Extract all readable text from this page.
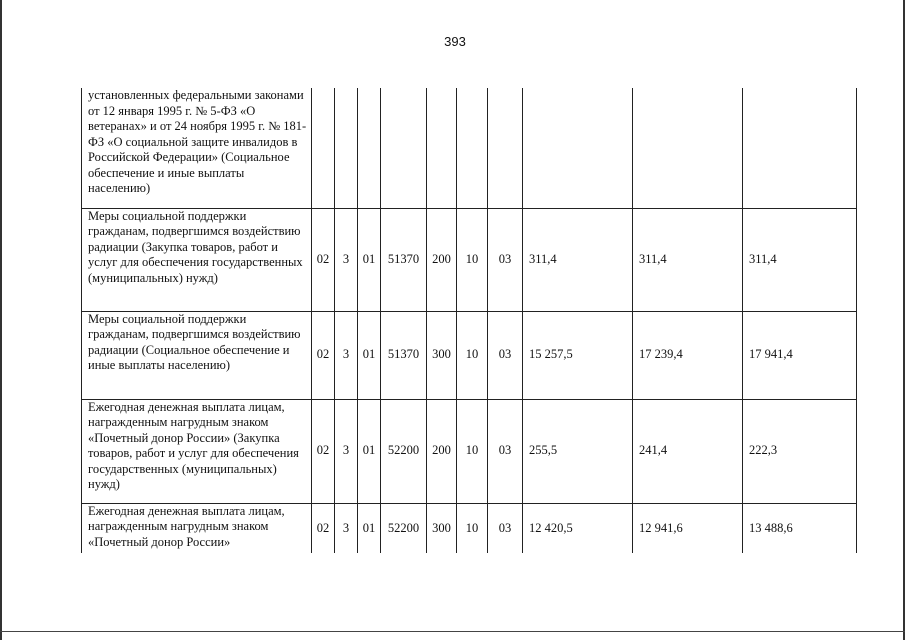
393
установленных федеральными законами от 12 января 1995 г. № 5-ФЗ «О ветеранах» и от 24 ноября 1995 г. № 181-ФЗ «О социальной защите инвалидов в Российской Федерации» (Социальное обеспечение и иные выплаты населению)										
Меры социальной поддержки гражданам, подвергшимся воздействию радиации (Закупка товаров, работ и услуг для обеспечения государственных (муниципальных) нужд)	02	3	01	51370	200	10	03	311,4	311,4	311,4
Меры социальной поддержки гражданам, подвергшимся воздействию радиации (Социальное обеспечение и иные выплаты населению)	02	3	01	51370	300	10	03	15 257,5	17 239,4	17 941,4
Ежегодная денежная выплата лицам, награжденным нагрудным знаком «Почетный донор России» (Закупка товаров, работ и услуг для обеспечения государственных (муниципальных) нужд)	02	3	01	52200	200	10	03	255,5	241,4	222,3
Ежегодная денежная выплата лицам, награжденным нагрудным знаком «Почетный донор России»	02	3	01	52200	300	10	03	12 420,5	12 941,6	13 488,6
